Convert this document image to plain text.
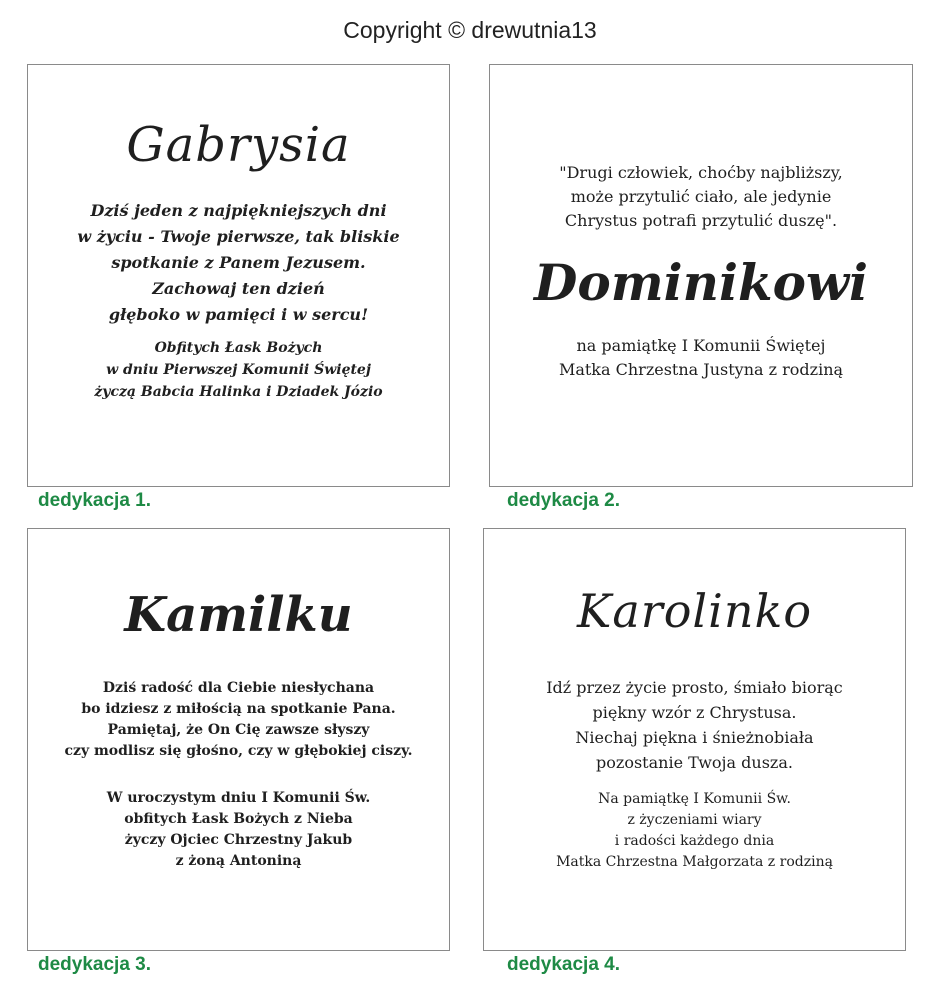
Copyright © drewutnia13
Gabrysia
Dziś jeden z najpiękniejszych dni
w życiu - Twoje pierwsze, tak bliskie
spotkanie z Panem Jezusem.
Zachowaj ten dzień
głęboko w pamięci i w sercu!
Obfitych Łask Bożych
w dniu Pierwszej Komunii Świętej
życzą Babcia Halinka i Dziadek Józio
dedykacja 1.
"Drugi człowiek, choćby najbliższy,
może przytulić ciało, ale jedynie
Chrystus potrafi przytulić duszę".
Dominikowi
na pamiątkę I Komunii Świętej
Matka Chrzestna Justyna z rodziną
dedykacja 2.
Kamilku
Dziś radość dla Ciebie niesłychana
bo idziesz z miłością na spotkanie Pana.
Pamiętaj, że On Cię zawsze słyszy
czy modlisz się głośno, czy w głębokiej ciszy.
W uroczystym dniu I Komunii Św.
obfitych Łask Bożych z Nieba
życzy Ojciec Chrzestny Jakub
z żoną Antoniną
dedykacja 3.
Karolinko
Idź przez życie prosto, śmiało biorąc
piękny wzór z Chrystusa.
Niechaj piękna i śnieżnobiała
pozostanie Twoja dusza.
Na pamiątkę I Komunii Św.
z życzeniami wiary
i radości każdego dnia
Matka Chrzestna Małgorzata z rodziną
dedykacja 4.
